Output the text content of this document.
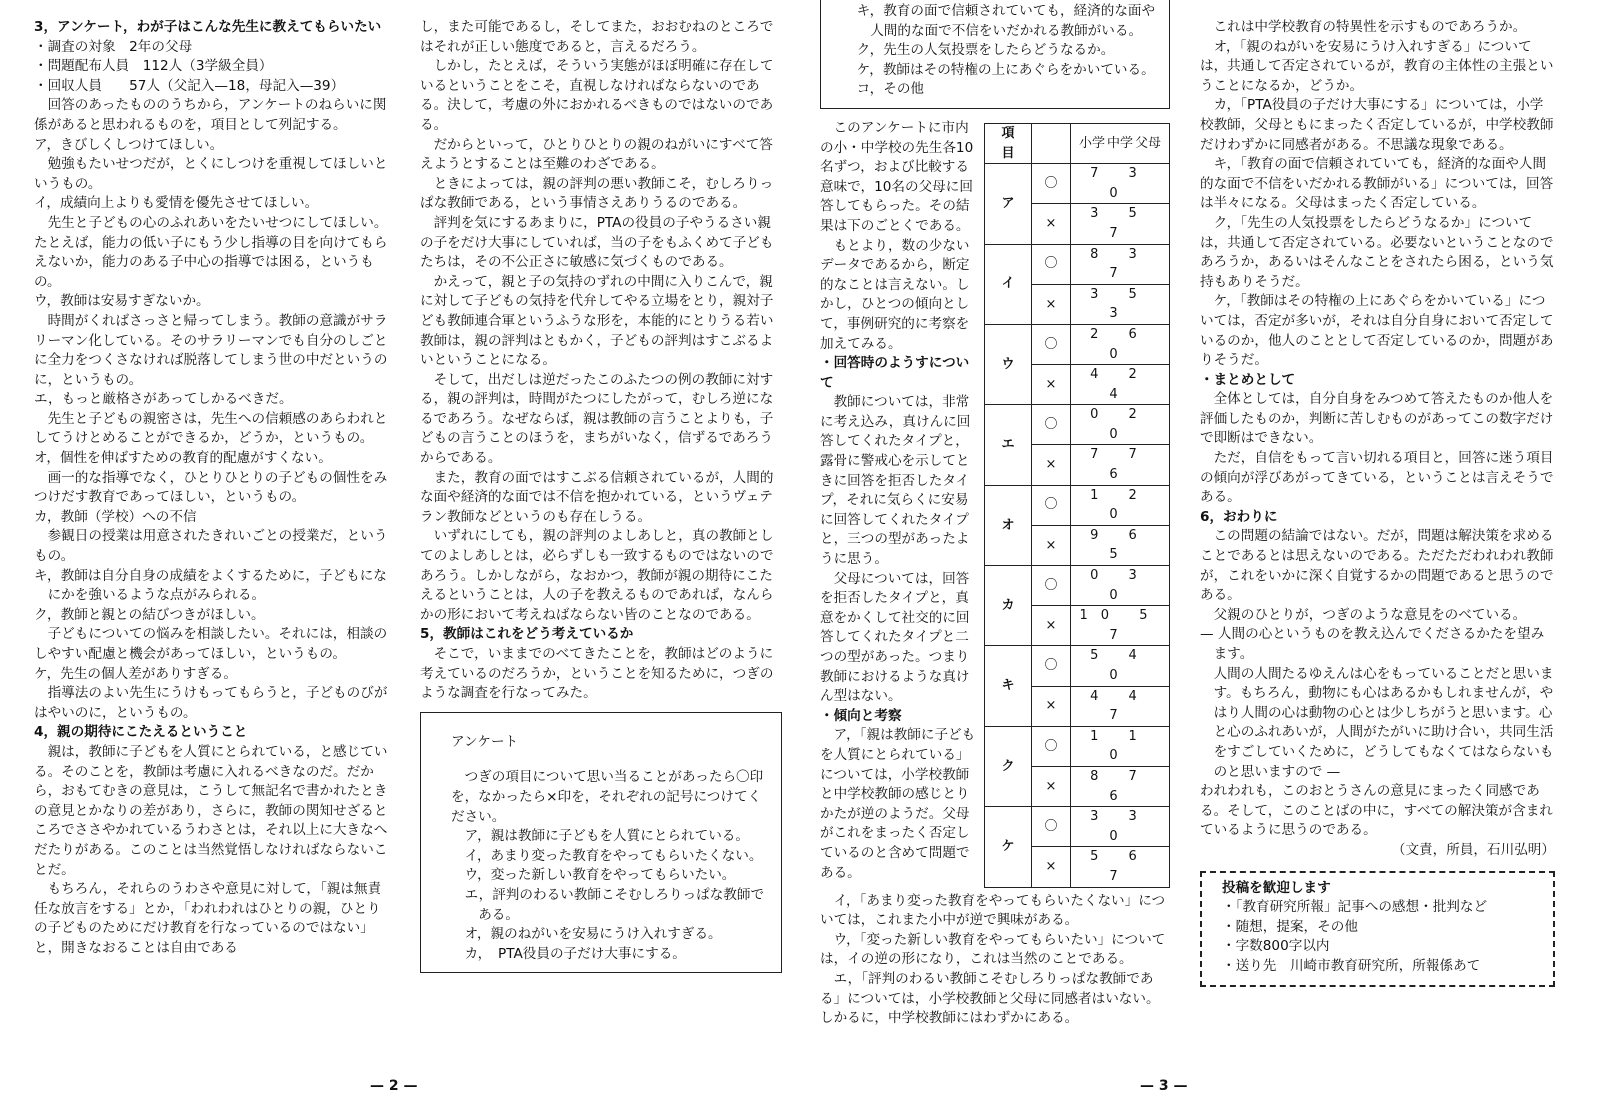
3，アンケート，わが子はこんな先生に教えてもらいたい

・調査の対象　2年の父母

・問題配布人員　112人（3学級全員）

・回収人員　　57人（父記入—18，母記入—39）

回答のあったもののうちから，アンケートのねらいに関係があると思われるものを，項目として列記する。

ア，きびしくしつけてほしい。

勉強もたいせつだが，とくにしつけを重視してほしいというもの。

イ，成績向上よりも愛情を優先させてほしい。

先生と子どもの心のふれあいをたいせつにしてほしい。たとえば，能力の低い子にもう少し指導の目を向けてもらえないか，能力のある子中心の指導では困る，というもの。

ウ，教師は安易すぎないか。

時間がくればさっさと帰ってしまう。教師の意識がサラリーマン化している。そのサラリーマンでも自分のしごとに全力をつくさなければ脱落してしまう世の中だというのに，というもの。

エ，もっと厳格さがあってしかるべきだ。

先生と子どもの親密さは，先生への信頼感のあらわれとしてうけとめることができるか，どうか，というもの。

オ，個性を伸ばすための教育的配慮がすくない。

画一的な指導でなく，ひとりひとりの子どもの個性をみつけだす教育であってほしい，というもの。

カ，教師（学校）への不信

参観日の授業は用意されたきれいごとの授業だ，というもの。

キ，教師は自分自身の成績をよくするために，子どもになにかを強いるような点がみられる。

ク，教師と親との結びつきがほしい。

子どもについての悩みを相談したい。それには，相談のしやすい配慮と機会があってほしい，というもの。

ケ，先生の個人差がありすぎる。

指導法のよい先生にうけもってもらうと，子どものびがはやいのに，というもの。

4，親の期待にこたえるということ

親は，教師に子どもを人質にとられている，と感じている。そのことを，教師は考慮に入れるべきなのだ。だから，おもてむきの意見は，こうして無記名で書かれたときの意見とかなりの差があり，さらに，教師の関知せざるところでささやかれているうわさとは，それ以上に大きなへだたりがある。このことは当然覚悟しなければならないことだ。

もちろん，それらのうわさや意見に対して，「親は無責任な放言をする」とか，「われわれはひとりの親，ひとりの子どものためにだけ教育を行なっているのではない」と，開きなおることは自由である

し，また可能であるし，そしてまた，おおむねのところではそれが正しい態度であると，言えるだろう。

しかし，たとえば，そういう実態がほぼ明確に存在しているということをこそ，直視しなければならないのである。決して，考慮の外におかれるべきものではないのである。

だからといって，ひとりひとりの親のねがいにすべて答えようとすることは至難のわざである。

ときによっては，親の評判の悪い教師こそ，むしろりっぱな教師である，という事情さえありうるのである。

評判を気にするあまりに，PTAの役員の子やうるさい親の子をだけ大事にしていれば，当の子をもふくめて子どもたちは，その不公正さに敏感に気づくものである。

かえって，親と子の気持のずれの中間に入りこんで，親に対して子どもの気持を代弁してやる立場をとり，親対子ども教師連合軍というふうな形を，本能的にとりうる若い教師は，親の評判はともかく，子どもの評判はすこぶるよいということになる。

そして，出だしは逆だったこのふたつの例の教師に対する，親の評判は，時間がたつにしたがって，むしろ逆になるであろう。なぜならば，親は教師の言うことよりも，子どもの言うことのほうを，まちがいなく，信ずるであろうからである。

また，教育の面ではすこぶる信頼されているが，人間的な面や経済的な面では不信を抱かれている，というヴェテラン教師などというのも存在しうる。

いずれにしても，親の評判のよしあしと，真の教師としてのよしあしとは，必らずしも一致するものではないのであろう。しかしながら，なおかつ，教師が親の期待にこたえるということは，人の子を教えるものであれば，なんらかの形において考えねばならない皆のことなのである。

5，教師はこれをどう考えているか

そこで，いままでのべてきたことを，教師はどのように考えているのだろうか，ということを知るために，つぎのような調査を行なってみた。

アンケート

つぎの項目について思い当ることがあったら〇印を，なかったら×印を，それぞれの記号につけてください。

ア，親は教師に子どもを人質にとられている。

イ，あまり変った教育をやってもらいたくない。

ウ，変った新しい教育をやってもらいたい。

エ，評判のわるい教師こそむしろりっぱな教師である。

オ，親のねがいを安易にうけ入れすぎる。

カ，　PTA役員の子だけ大事にする。

キ，教育の面で信頼されていても，経済的な面や人間的な面で不信をいだかれる教師がいる。

ク，先生の人気投票をしたらどうなるか。

ケ，教師はその特権の上にあぐらをかいている。

コ，その他

項　目		小学 中学 父母
ア	〇	7 3 0
	×	3 5 7
イ	〇	8 3 7
	×	3 5 3
ウ	〇	2 6 0
	×	4 2 4
エ	〇	0 2 0
	×	7 7 6
オ	〇	1 2 0
	×	9 6 5
カ	〇	0 3 0
	×	10 5 7
キ	〇	5 4 0
	×	4 4 7
ク	〇	1 1 0
	×	8 7 6
ケ	〇	3 3 0
	×	5 6 7

このアンケートに市内の小・中学校の先生各10名ずつ，および比較する意味で，10名の父母に回答してもらった。その結果は下のごとくである。

もとより，数の少ないデータであるから，断定的なことは言えない。しかし，ひとつの傾向として，事例研究的に考察を加えてみる。

・回答時のようすについて

教師については，非常に考え込み，真けんに回答してくれたタイプと，露骨に警戒心を示してときに回答を拒否したタイプ，それに気らくに安易に回答してくれたタイプと，三つの型があったように思う。

父母については，回答を拒否したタイプと，真意をかくして社交的に回答してくれたタイプと二つの型があった。つまり教師におけるような真けん型はない。

・傾向と考察

ア，「親は教師に子どもを人質にとられている」については，小学校教師と中学校教師の感じとりかたが逆のようだ。父母がこれをまったく否定しているのと含めて問題である。

イ，「あまり変った教育をやってもらいたくない」については，これまた小中が逆で興味がある。

ウ，「変った新しい教育をやってもらいたい」については，イの逆の形になり，これは当然のことである。

エ，「評判のわるい教師こそむしろりっぱな教師である」については，小学校教師と父母に同感者はいない。しかるに，中学校教師にはわずかにある。

これは中学校教育の特異性を示すものであろうか。

オ，「親のねがいを安易にうけ入れすぎる」については，共通して否定されているが，教育の主体性の主張ということになるか，どうか。

カ，「PTA役員の子だけ大事にする」については，小学校教師，父母ともにまったく否定しているが，中学校教師だけわずかに同感者がある。不思議な現象である。

キ，「教育の面で信頼されていても，経済的な面や人間的な面で不信をいだかれる教師がいる」については，回答は半々になる。父母はまったく否定している。

ク，「先生の人気投票をしたらどうなるか」については，共通して否定されている。必要ないということなのであろうか，あるいはそんなことをされたら困る，という気持もありそうだ。

ケ，「教師はその特権の上にあぐらをかいている」については，否定が多いが，それは自分自身において否定しているのか，他人のこととして否定しているのか，問題がありそうだ。

・まとめとして

全体としては，自分自身をみつめて答えたものか他人を評価したものか，判断に苦しむものがあってこの数字だけで即断はできない。

ただ，自信をもって言い切れる項目と，回答に迷う項目の傾向が浮びあがってきている，ということは言えそうである。

6，おわりに

この問題の結論ではない。だが，問題は解決策を求めることであるとは思えないのである。ただただわれわれ教師が，これをいかに深く自覚するかの問題であると思うのである。

父親のひとりが，つぎのような意見をのべている。

— 人間の心というものを教え込んでくださるかたを望みます。

人間の人間たるゆえんは心をもっていることだと思います。もちろん，動物にも心はあるかもしれませんが，やはり人間の心は動物の心とは少しちがうと思います。心と心のふれあいが，人間がたがいに助け合い，共同生活をすごしていくために，どうしてもなくてはならないものと思いますので —

われわれも，このおとうさんの意見にまったく同感である。そして，このことばの中に，すべての解決策が含まれているように思うのである。

（文責，所員，石川弘明）

投稿を歓迎します

・「教育研究所報」記事への感想・批判など

・随想，提案，その他

・字数800字以内

・送り先　川崎市教育研究所，所報係あて

— 2 —	— 3 —
